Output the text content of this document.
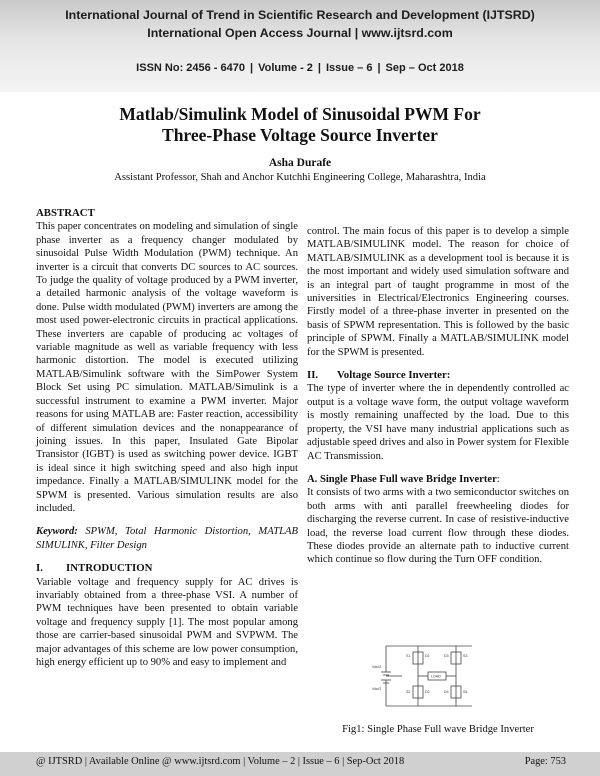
International Journal of Trend in Scientific Research and Development (IJTSRD)
International Open Access Journal | www.ijtsrd.com
ISSN No: 2456 - 6470 | Volume - 2 | Issue – 6 | Sep – Oct 2018
Matlab/Simulink Model of Sinusoidal PWM For
Three-Phase Voltage Source Inverter
Asha Durafe
Assistant Professor, Shah and Anchor Kutchhi Engineering College, Maharashtra, India
ABSTRACT

This paper concentrates on modeling and simulation of single phase inverter as a frequency changer modulated by sinusoidal Pulse Width Modulation (PWM) technique. An inverter is a circuit that converts DC sources to AC sources. To judge the quality of voltage produced by a PWM inverter, a detailed harmonic analysis of the voltage waveform is done. Pulse width modulated (PWM) inverters are among the most used power-electronic circuits in practical applications. These inverters are capable of producing ac voltages of variable magnitude as well as variable frequency with less harmonic distortion. The model is executed utilizing MATLAB/Simulink software with the SimPower System Block Set using PC simulation. MATLAB/Simulink is a successful instrument to examine a PWM inverter. Major reasons for using MATLAB are: Faster reaction, accessibility of different simulation devices and the nonappearance of joining issues. In this paper, Insulated Gate Bipolar Transistor (IGBT) is used as switching power device. IGBT is ideal since it high switching speed and also high input impedance. Finally a MATLAB/SIMULINK model for the SPWM is presented. Various simulation results are also included.

Keyword: SPWM, Total Harmonic Distortion, MATLAB SIMULINK, Filter Design

I. INTRODUCTION

Variable voltage and frequency supply for AC drives is invariably obtained from a three-phase VSI. A number of PWM techniques have been presented to obtain variable voltage and frequency supply [1]. The most popular among those are carrier-based sinusoidal PWM and SVPWM. The major advantages of this scheme are low power consumption, high energy efficient up to 90% and easy to implement and

control. The main focus of this paper is to develop a simple MATLAB/SIMULINK model. The reason for choice of MATLAB/SIMULINK as a development tool is because it is the most important and widely used simulation software and is an integral part of taught programme in most of the universities in Electrical/Electronics Engineering courses. Firstly model of a three-phase inverter in presented on the basis of SPWM representation. This is followed by the basic principle of SPWM. Finally a MATLAB/SIMULINK model for the SPWM is presented.

II. Voltage Source Inverter:

The type of inverter where the in dependently controlled ac output is a voltage wave form, the output voltage waveform is mostly remaining unaffected by the load. Due to this property, the VSI have many industrial applications such as adjustable speed drives and also in Power system for Flexible AC Transmission.

A. Single Phase Full wave Bridge Inverter:

It consists of two arms with a two semiconductor switches on both arms with anti parallel freewheeling diodes for discharging the reverse current. In case of resistive-inductive load, the reverse load current flow through these diodes. These diodes provide an alternate path to inductive current which continue so flow during the Turn OFF condition.

S1	S3
S2	S4
D1	D3
D2	D4
LOAD
Vdc/2
Vdc/2
Fig1: Single Phase Full wave Bridge Inverter
@ IJTSRD | Available Online @ www.ijtsrd.com | Volume – 2 | Issue – 6 | Sep-Oct 2018	Page: 753
